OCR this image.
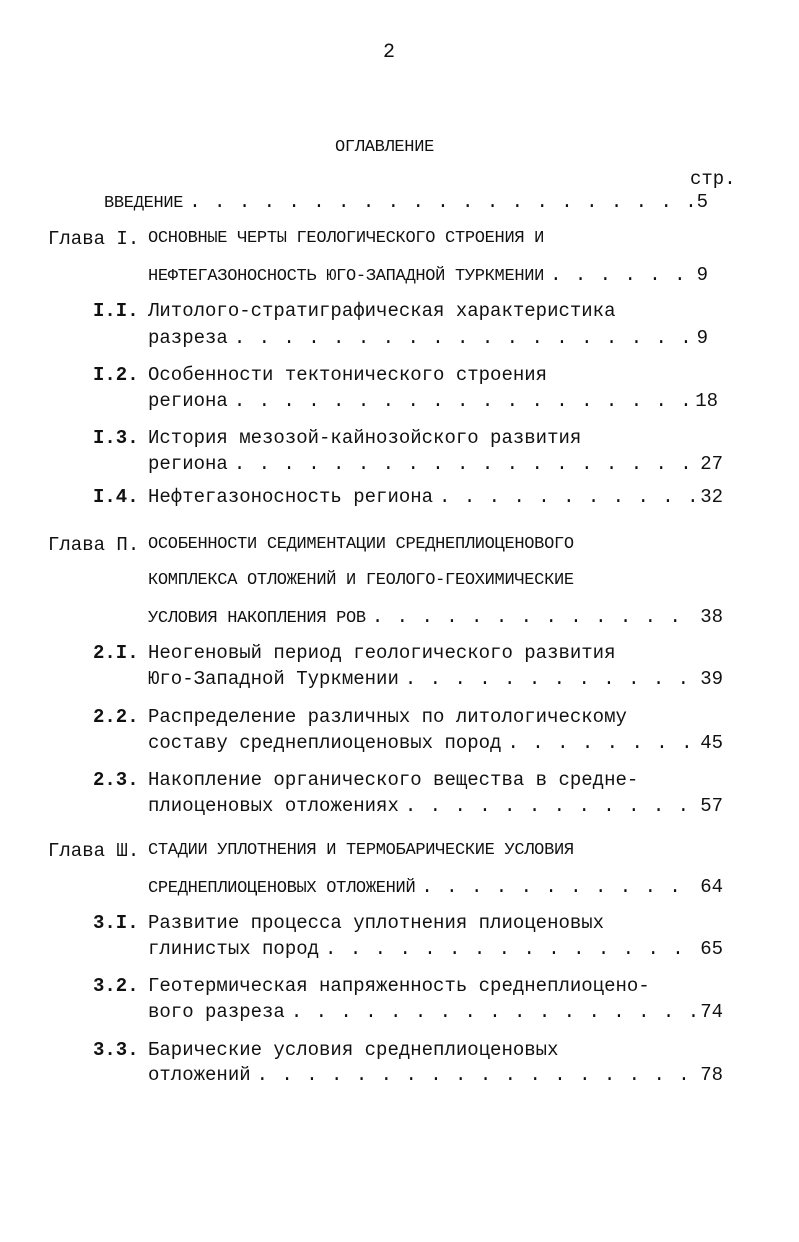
2
ОГЛАВЛЕНИЕ
стр.
ВВЕДЕНИЕ . . .	5
Глава I. ОСНОВНЫЕ ЧЕРТЫ ГЕОЛОГИЧЕСКОГО СТРОЕНИЯ И
НЕФТЕГАЗОНОСНОСТЬ ЮГО-ЗАПАДНОЙ ТУРКМЕНИИ . . .	9
I.I. Литолого-стратиграфическая характеристика
разреза . . .	9
I.2. Особенности тектонического строения
региона . . .	18
I.3. История мезозой-кайнозойского развития
региона . . .	27
I.4. Нефтегазоносность региона . . .	32
Глава П. ОСОБЕННОСТИ СЕДИМЕНТАЦИИ СРЕДНЕПЛИОЦЕНОВОГО
КОМПЛЕКСА ОТЛОЖЕНИЙ И ГЕОЛОГО-ГЕОХИМИЧЕСКИЕ
УСЛОВИЯ НАКОПЛЕНИЯ РОВ . . .	38
2.I. Неогеновый период геологического развития
Юго-Западной Туркмении . . .	39
2.2. Распределение различных по литологическому
составу среднеплиоценовых пород . . .	45
2.3. Накопление органического вещества в средне-
плиоценовых отложениях . . .	57
Глава Ш. СТАДИИ УПЛОТНЕНИЯ И ТЕРМОБАРИЧЕСКИЕ УСЛОВИЯ
СРЕДНЕПЛИОЦЕНОВЫХ ОТЛОЖЕНИЙ . . .	64
3.I. Развитие процесса уплотнения плиоценовых
глинистых пород . . .	65
3.2. Геотермическая напряженность среднеплиоцено-
вого разреза . . .	74
3.3. Барические условия среднеплиоценовых
отложений . . .	78
